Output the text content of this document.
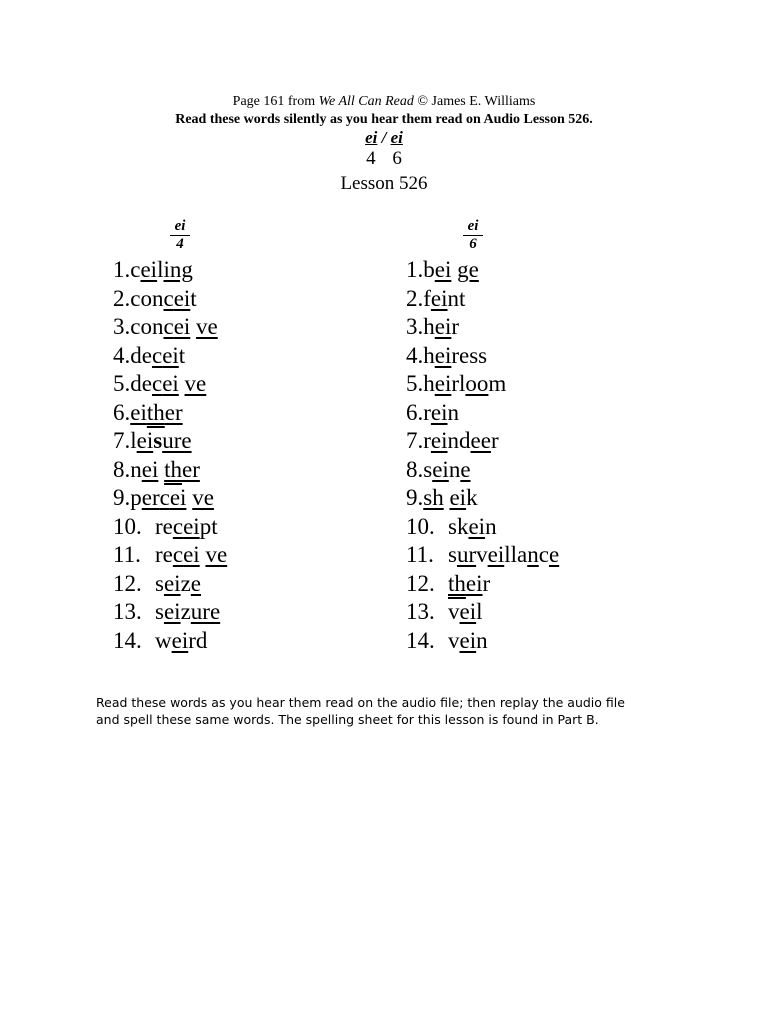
Page 161 from We All Can Read © James E. Williams
Read these words silently as you hear them read on Audio Lesson 526.
ei / ei
4 6
Lesson 526
ei
4
1.ceiling
2.conceit
3.concei ve
4.deceit
5.decei ve
6.either
7.leisure
8.nei ther
9.percei ve
10. receipt
11. recei ve
12. seize
13. seizure
14. weird
ei
6
1.bei ge
2.feint
3.heir
4.heiress
5.heirloom
6.rein
7.reindeer
8.seine
9.sh eik
10. skein
11. surveillance
12. their
13. veil
14. vein
Read these words as you hear them read on the audio file; then replay the audio file
and spell these same words. The spelling sheet for this lesson is found in Part B.
